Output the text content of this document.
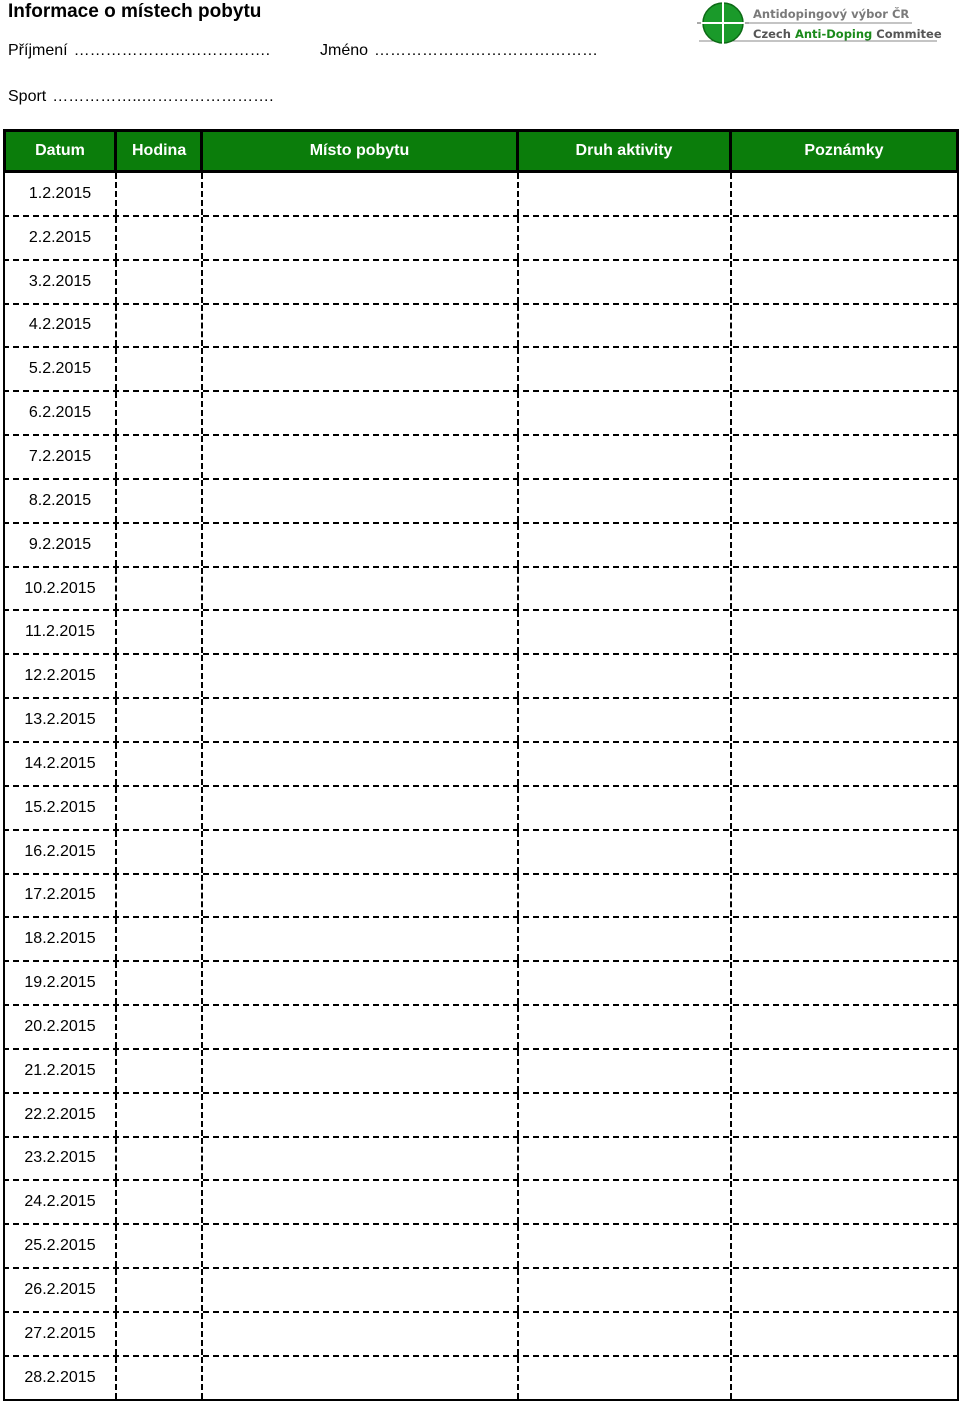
Informace o místech pobytu
Příjmení ……………………………….	Jméno ……………………………………
Sport ……………..…………………….
Antidopingový výbor ČR
Czech Anti-Doping Commitee
Datum	Hodina	Místo pobytu	Druh aktivity	Poznámky
1.2.2015
2.2.2015
3.2.2015
4.2.2015
5.2.2015
6.2.2015
7.2.2015
8.2.2015
9.2.2015
10.2.2015
11.2.2015
12.2.2015
13.2.2015
14.2.2015
15.2.2015
16.2.2015
17.2.2015
18.2.2015
19.2.2015
20.2.2015
21.2.2015
22.2.2015
23.2.2015
24.2.2015
25.2.2015
26.2.2015
27.2.2015
28.2.2015
